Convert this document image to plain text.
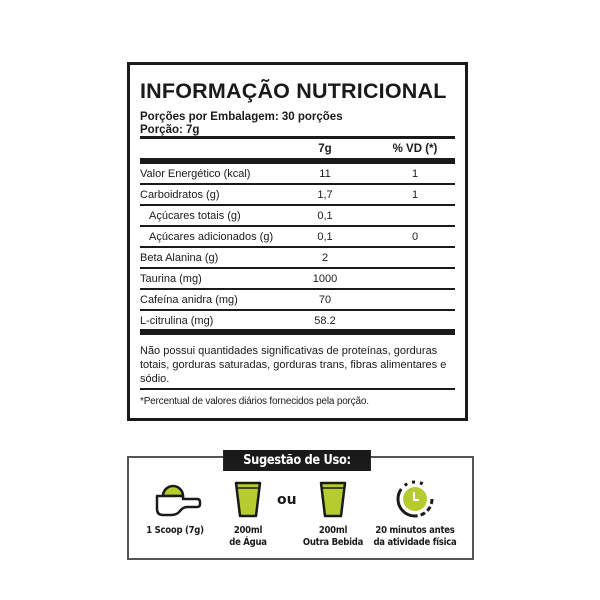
INFORMAÇÃO NUTRICIONAL
Porções por Embalagem: 30 porções
Porção: 7g
7g	% VD (*)
Valor Energético (kcal)	11	1
Carboidratos (g)	1,7	1
Açúcares totais (g)	0,1
Açúcares adicionados (g)	0,1	0
Beta Alanina (g)	2
Taurina (mg)	1000
Cafeína anidra (mg)	70
L-citrulina (mg)	58.2
Não possui quantidades significativas de proteínas, gorduras totais, gorduras saturadas, gorduras trans, fibras alimentares e sódio.
*Percentual de valores diários fornecidos pela porção.
Sugestão de Uso:
1 Scoop (7g)	200ml
de Água
ou
200ml
Outra Bebida
20 minutos antes
da atividade física
